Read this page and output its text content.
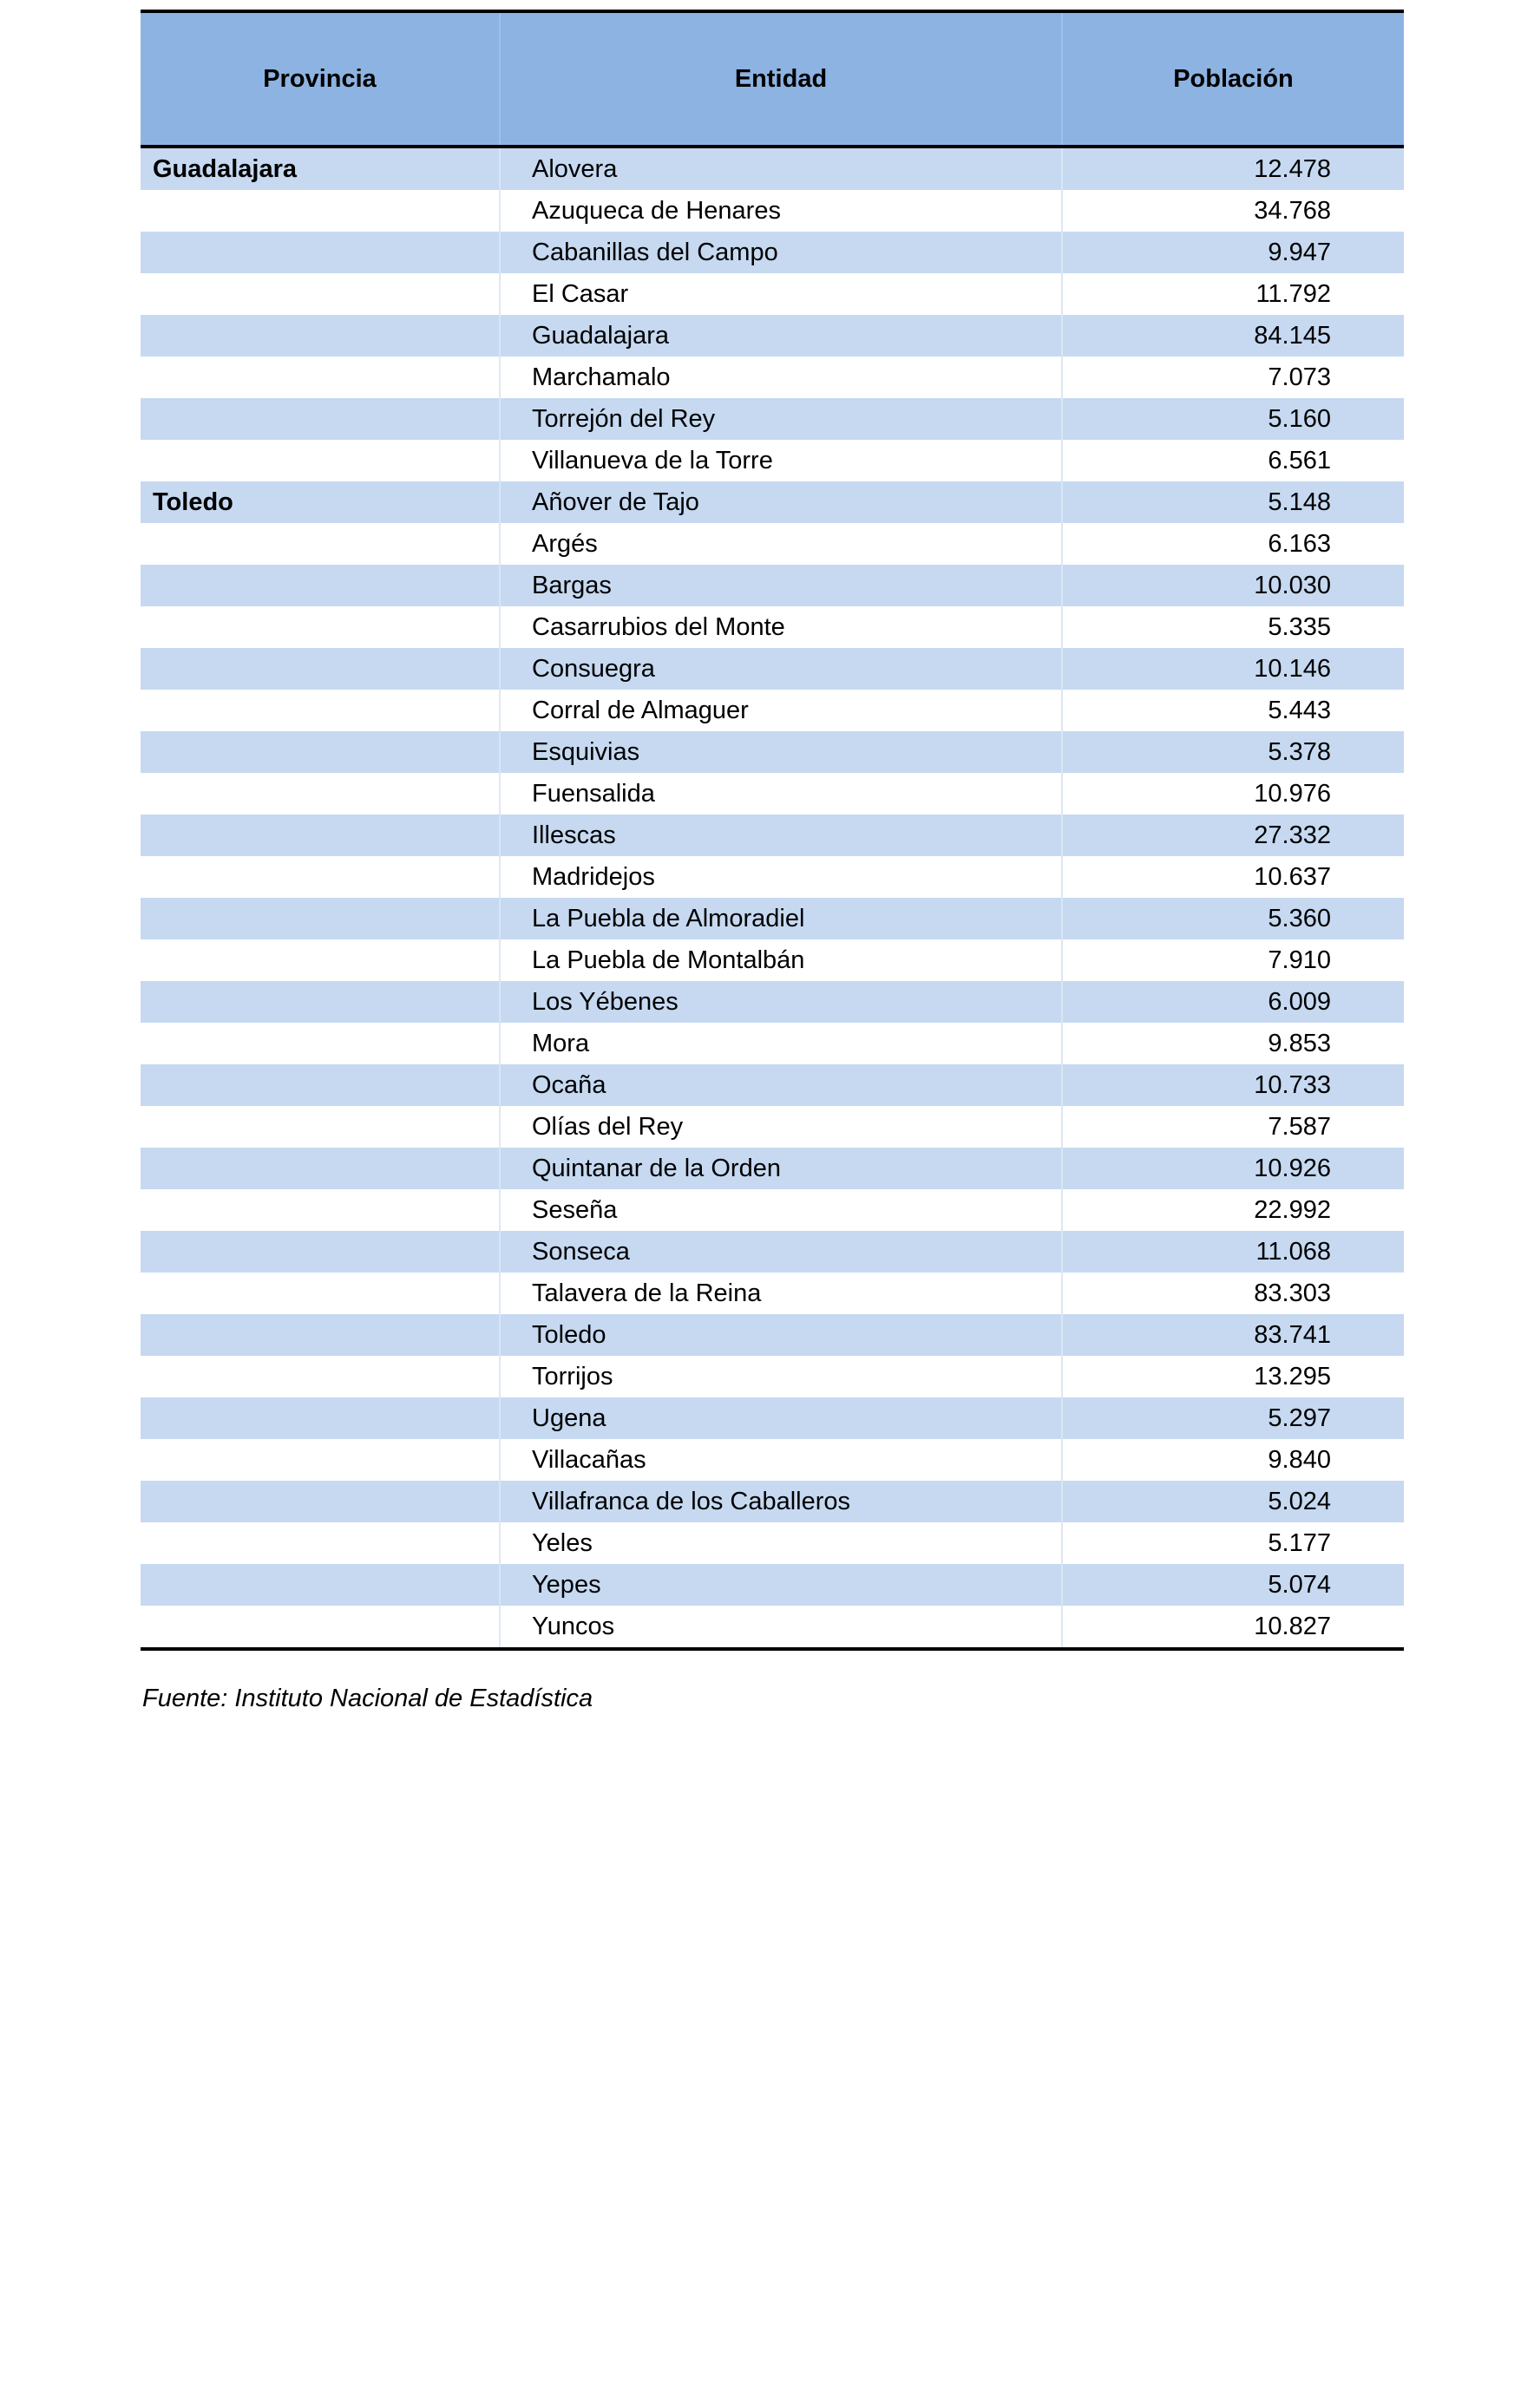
Provincia	Entidad	Población
Guadalajara	Alovera	12.478
	Azuqueca de Henares	34.768
	Cabanillas del Campo	9.947
	El Casar	11.792
	Guadalajara	84.145
	Marchamalo	7.073
	Torrejón del Rey	5.160
	Villanueva de la Torre	6.561
Toledo	Añover de Tajo	5.148
	Argés	6.163
	Bargas	10.030
	Casarrubios del Monte	5.335
	Consuegra	10.146
	Corral de Almaguer	5.443
	Esquivias	5.378
	Fuensalida	10.976
	Illescas	27.332
	Madridejos	10.637
	La Puebla de Almoradiel	5.360
	La Puebla de Montalbán	7.910
	Los Yébenes	6.009
	Mora	9.853
	Ocaña	10.733
	Olías del Rey	7.587
	Quintanar de la Orden	10.926
	Seseña	22.992
	Sonseca	11.068
	Talavera de la Reina	83.303
	Toledo	83.741
	Torrijos	13.295
	Ugena	5.297
	Villacañas	9.840
	Villafranca de los Caballeros	5.024
	Yeles	5.177
	Yepes	5.074
	Yuncos	10.827
Fuente: Instituto Nacional de Estadística
